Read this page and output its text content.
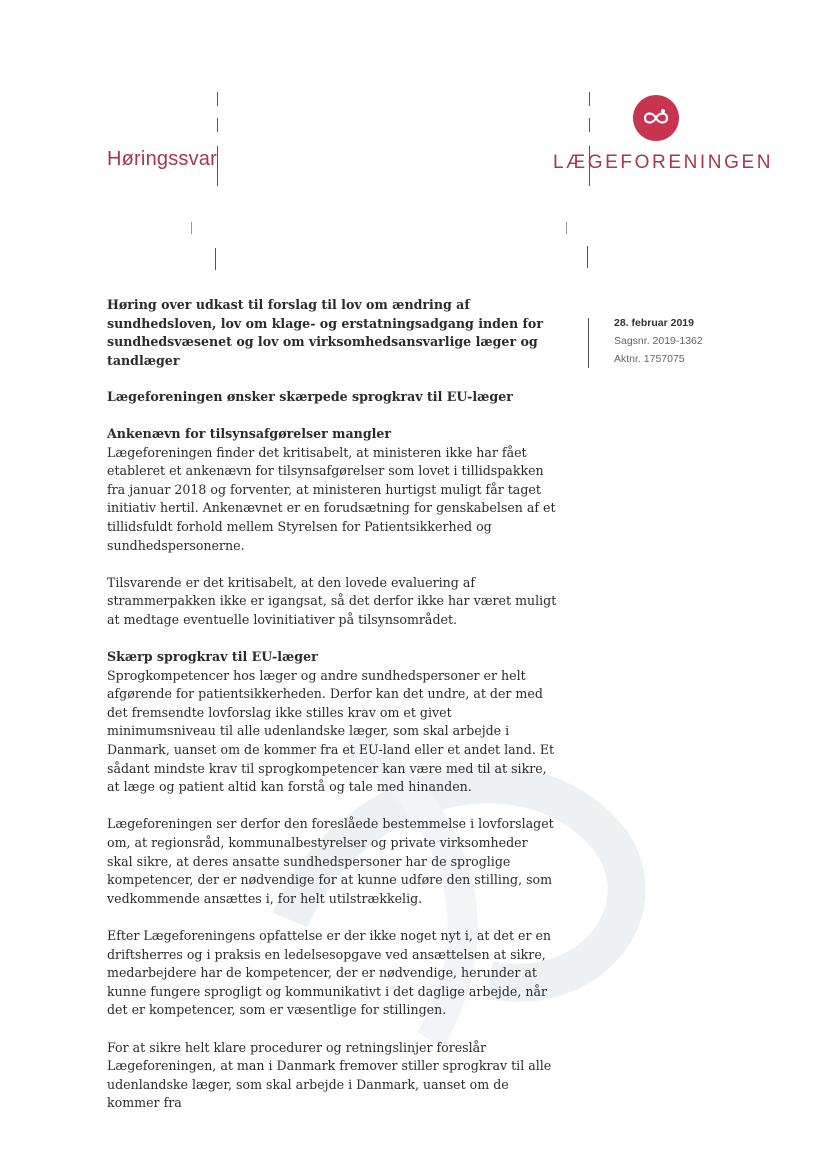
Høringssvar	LÆGEFORENINGEN
28. februar 2019
Sagsnr. 2019-1362
Aktnr. 1757075
Høring over udkast til forslag til lov om ændring af sundhedsloven, lov om klage- og erstatningsadgang inden for sundhedsvæsenet og lov om virksomhedsansvarlige læger og tandlæger
Lægeforeningen ønsker skærpede sprogkrav til EU-læger
Ankenævn for tilsynsafgørelser mangler

Lægeforeningen finder det kritisabelt, at ministeren ikke har fået etableret et ankenævn for tilsynsafgørelser som lovet i tillidspakken fra januar 2018 og forventer, at ministeren hurtigst muligt får taget initiativ hertil. Ankenævnet er en forudsætning for genskabelsen af et tillidsfuldt forhold mellem Styrelsen for Patientsikkerhed og sundhedspersonerne.

Tilsvarende er det kritisabelt, at den lovede evaluering af strammerpakken ikke er igangsat, så det derfor ikke har været muligt at medtage eventuelle lovinitiativer på tilsynsområdet.

Skærp sprogkrav til EU-læger

Sprogkompetencer hos læger og andre sundhedspersoner er helt afgørende for patientsikkerheden. Derfor kan det undre, at der med det fremsendte lovforslag ikke stilles krav om et givet minimumsniveau til alle udenlandske læger, som skal arbejde i Danmark, uanset om de kommer fra et EU-land eller et andet land. Et sådant mindste krav til sprogkompetencer kan være med til at sikre, at læge og patient altid kan forstå og tale med hinanden.

Lægeforeningen ser derfor den foreslåede bestemmelse i lovforslaget om, at regionsråd, kommunalbestyrelser og private virksomheder skal sikre, at deres ansatte sundhedspersoner har de sproglige kompetencer, der er nødvendige for at kunne udføre den stilling, som vedkommende ansættes i, for helt utilstrækkelig.

Efter Lægeforeningens opfattelse er der ikke noget nyt i, at det er en driftsherres og i praksis en ledelsesopgave ved ansættelsen at sikre, medarbejdere har de kompetencer, der er nødvendige, herunder at kunne fungere sprogligt og kommunikativt i det daglige arbejde, når det er kompetencer, som er væsentlige for stillingen.

For at sikre helt klare procedurer og retningslinjer foreslår Lægeforeningen, at man i Danmark fremover stiller sprogkrav til alle udenlandske læger, som skal arbejde i Danmark, uanset om de kommer fra
